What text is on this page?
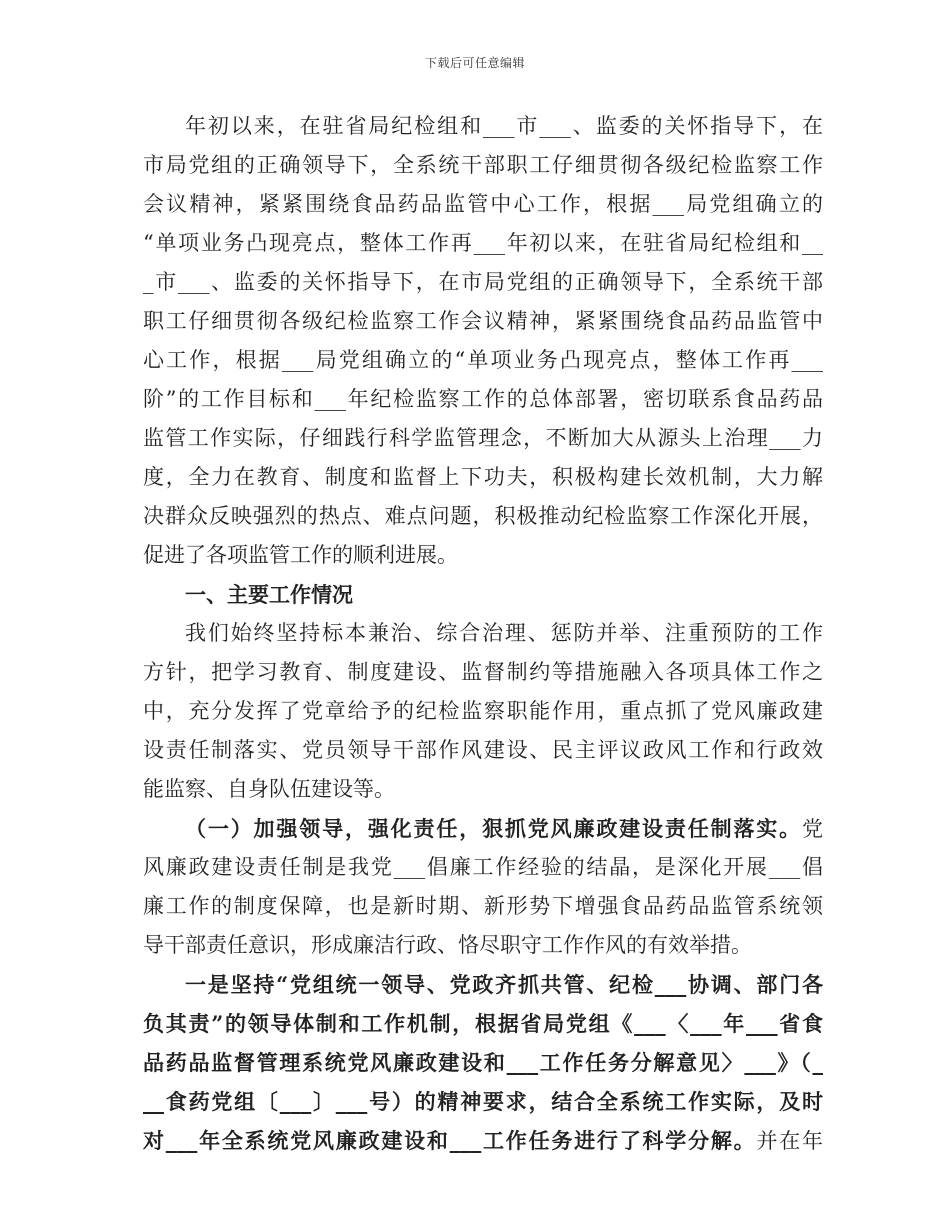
下载后可任意编辑
年初以来，在驻省局纪检组和___市___、监委的关怀指导下，在
市局党组的正确领导下，全系统干部职工仔细贯彻各级纪检监察工作
会议精神，紧紧围绕食品药品监管中心工作，根据___局党组确立的
“单项业务凸现亮点，整体工作再___年初以来，在驻省局纪检组和__
_市___、监委的关怀指导下，在市局党组的正确领导下，全系统干部
职工仔细贯彻各级纪检监察工作会议精神，紧紧围绕食品药品监管中
心工作，根据___局党组确立的“单项业务凸现亮点，整体工作再___
阶”的工作目标和___年纪检监察工作的总体部署，密切联系食品药品
监管工作实际，仔细践行科学监管理念，不断加大从源头上治理___力
度，全力在教育、制度和监督上下功夫，积极构建长效机制，大力解
决群众反映强烈的热点、难点问题，积极推动纪检监察工作深化开展，
促进了各项监管工作的顺利进展。
一、主要工作情况
我们始终坚持标本兼治、综合治理、惩防并举、注重预防的工作
方针，把学习教育、制度建设、监督制约等措施融入各项具体工作之
中，充分发挥了党章给予的纪检监察职能作用，重点抓了党风廉政建
设责任制落实、党员领导干部作风建设、民主评议政风工作和行政效
能监察、自身队伍建设等。
（一）加强领导，强化责任，狠抓党风廉政建设责任制落实。党
风廉政建设责任制是我党___倡廉工作经验的结晶，是深化开展___倡
廉工作的制度保障，也是新时期、新形势下增强食品药品监管系统领
导干部责任意识，形成廉洁行政、恪尽职守工作作风的有效举措。
一是坚持“党组统一领导、党政齐抓共管、纪检___协调、部门各
负其责”的领导体制和工作机制，根据省局党组《___〈___年___省食
品药品监督管理系统党风廉政建设和___工作任务分解意见〉___》（_
__食药党组〔___〕___号）的精神要求，结合全系统工作实际，及时
对___年全系统党风廉政建设和___工作任务进行了科学分解。并在年
